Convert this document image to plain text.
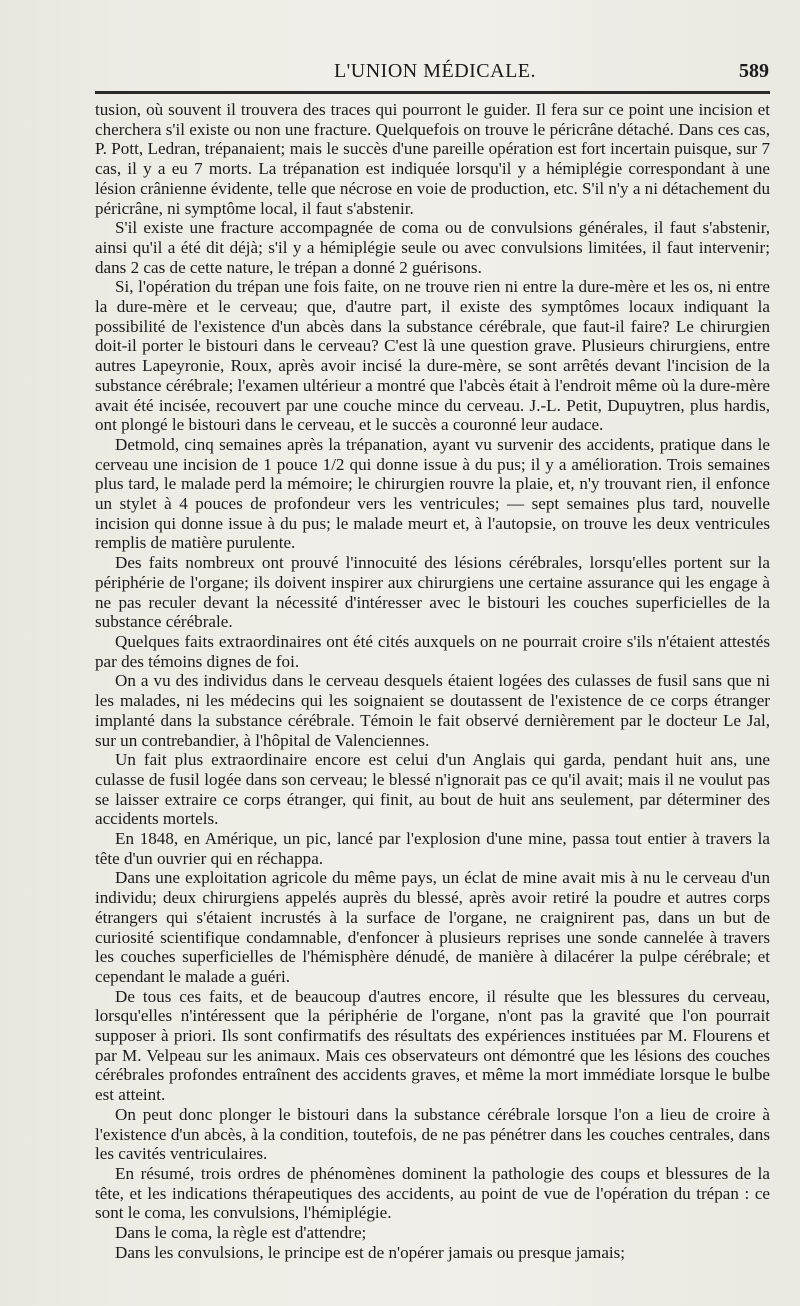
L'UNION MÉDICALE.	589

tusion, où souvent il trouvera des traces qui pourront le guider. Il fera sur ce point une incision et cherchera s'il existe ou non une fracture. Quelquefois on trouve le péricrâne détaché. Dans ces cas, P. Pott, Ledran, trépanaient; mais le succès d'une pareille opération est fort incertain puisque, sur 7 cas, il y a eu 7 morts. La trépanation est indiquée lorsqu'il y a hémiplégie correspondant à une lésion crânienne évidente, telle que nécrose en voie de production, etc. S'il n'y a ni détachement du péricrâne, ni symptôme local, il faut s'abstenir.

S'il existe une fracture accompagnée de coma ou de convulsions générales, il faut s'abstenir, ainsi qu'il a été dit déjà; s'il y a hémiplégie seule ou avec convulsions limitées, il faut intervenir; dans 2 cas de cette nature, le trépan a donné 2 guérisons.

Si, l'opération du trépan une fois faite, on ne trouve rien ni entre la dure-mère et les os, ni entre la dure-mère et le cerveau; que, d'autre part, il existe des symptômes locaux indiquant la possibilité de l'existence d'un abcès dans la substance cérébrale, que faut-il faire? Le chirurgien doit-il porter le bistouri dans le cerveau? C'est là une question grave. Plusieurs chirurgiens, entre autres Lapeyronie, Roux, après avoir incisé la dure-mère, se sont arrêtés devant l'incision de la substance cérébrale; l'examen ultérieur a montré que l'abcès était à l'endroit même où la dure-mère avait été incisée, recouvert par une couche mince du cerveau. J.-L. Petit, Dupuytren, plus hardis, ont plongé le bistouri dans le cerveau, et le succès a couronné leur audace.

Detmold, cinq semaines après la trépanation, ayant vu survenir des accidents, pratique dans le cerveau une incision de 1 pouce 1/2 qui donne issue à du pus; il y a amélioration. Trois semaines plus tard, le malade perd la mémoire; le chirurgien rouvre la plaie, et, n'y trouvant rien, il enfonce un stylet à 4 pouces de profondeur vers les ventricules; — sept semaines plus tard, nouvelle incision qui donne issue à du pus; le malade meurt et, à l'autopsie, on trouve les deux ventricules remplis de matière purulente.

Des faits nombreux ont prouvé l'innocuité des lésions cérébrales, lorsqu'elles portent sur la périphérie de l'organe; ils doivent inspirer aux chirurgiens une certaine assurance qui les engage à ne pas reculer devant la nécessité d'intéresser avec le bistouri les couches superficielles de la substance cérébrale.

Quelques faits extraordinaires ont été cités auxquels on ne pourrait croire s'ils n'étaient attestés par des témoins dignes de foi.

On a vu des individus dans le cerveau desquels étaient logées des culasses de fusil sans que ni les malades, ni les médecins qui les soignaient se doutassent de l'existence de ce corps étranger implanté dans la substance cérébrale. Témoin le fait observé dernièrement par le docteur Le Jal, sur un contrebandier, à l'hôpital de Valenciennes.

Un fait plus extraordinaire encore est celui d'un Anglais qui garda, pendant huit ans, une culasse de fusil logée dans son cerveau; le blessé n'ignorait pas ce qu'il avait; mais il ne voulut pas se laisser extraire ce corps étranger, qui finit, au bout de huit ans seulement, par déterminer des accidents mortels.

En 1848, en Amérique, un pic, lancé par l'explosion d'une mine, passa tout entier à travers la tête d'un ouvrier qui en réchappa.

Dans une exploitation agricole du même pays, un éclat de mine avait mis à nu le cerveau d'un individu; deux chirurgiens appelés auprès du blessé, après avoir retiré la poudre et autres corps étrangers qui s'étaient incrustés à la surface de l'organe, ne craignirent pas, dans un but de curiosité scientifique condamnable, d'enfoncer à plusieurs reprises une sonde cannelée à travers les couches superficielles de l'hémisphère dénudé, de manière à dilacérer la pulpe cérébrale; et cependant le malade a guéri.

De tous ces faits, et de beaucoup d'autres encore, il résulte que les blessures du cerveau, lorsqu'elles n'intéressent que la périphérie de l'organe, n'ont pas la gravité que l'on pourrait supposer à priori. Ils sont confirmatifs des résultats des expériences instituées par M. Flourens et par M. Velpeau sur les animaux. Mais ces observateurs ont démontré que les lésions des couches cérébrales profondes entraînent des accidents graves, et même la mort immédiate lorsque le bulbe est atteint.

On peut donc plonger le bistouri dans la substance cérébrale lorsque l'on a lieu de croire à l'existence d'un abcès, à la condition, toutefois, de ne pas pénétrer dans les couches centrales, dans les cavités ventriculaires.

En résumé, trois ordres de phénomènes dominent la pathologie des coups et blessures de la tête, et les indications thérapeutiques des accidents, au point de vue de l'opération du trépan : ce sont le coma, les convulsions, l'hémiplégie.

Dans le coma, la règle est d'attendre;

Dans les convulsions, le principe est de n'opérer jamais ou presque jamais;
